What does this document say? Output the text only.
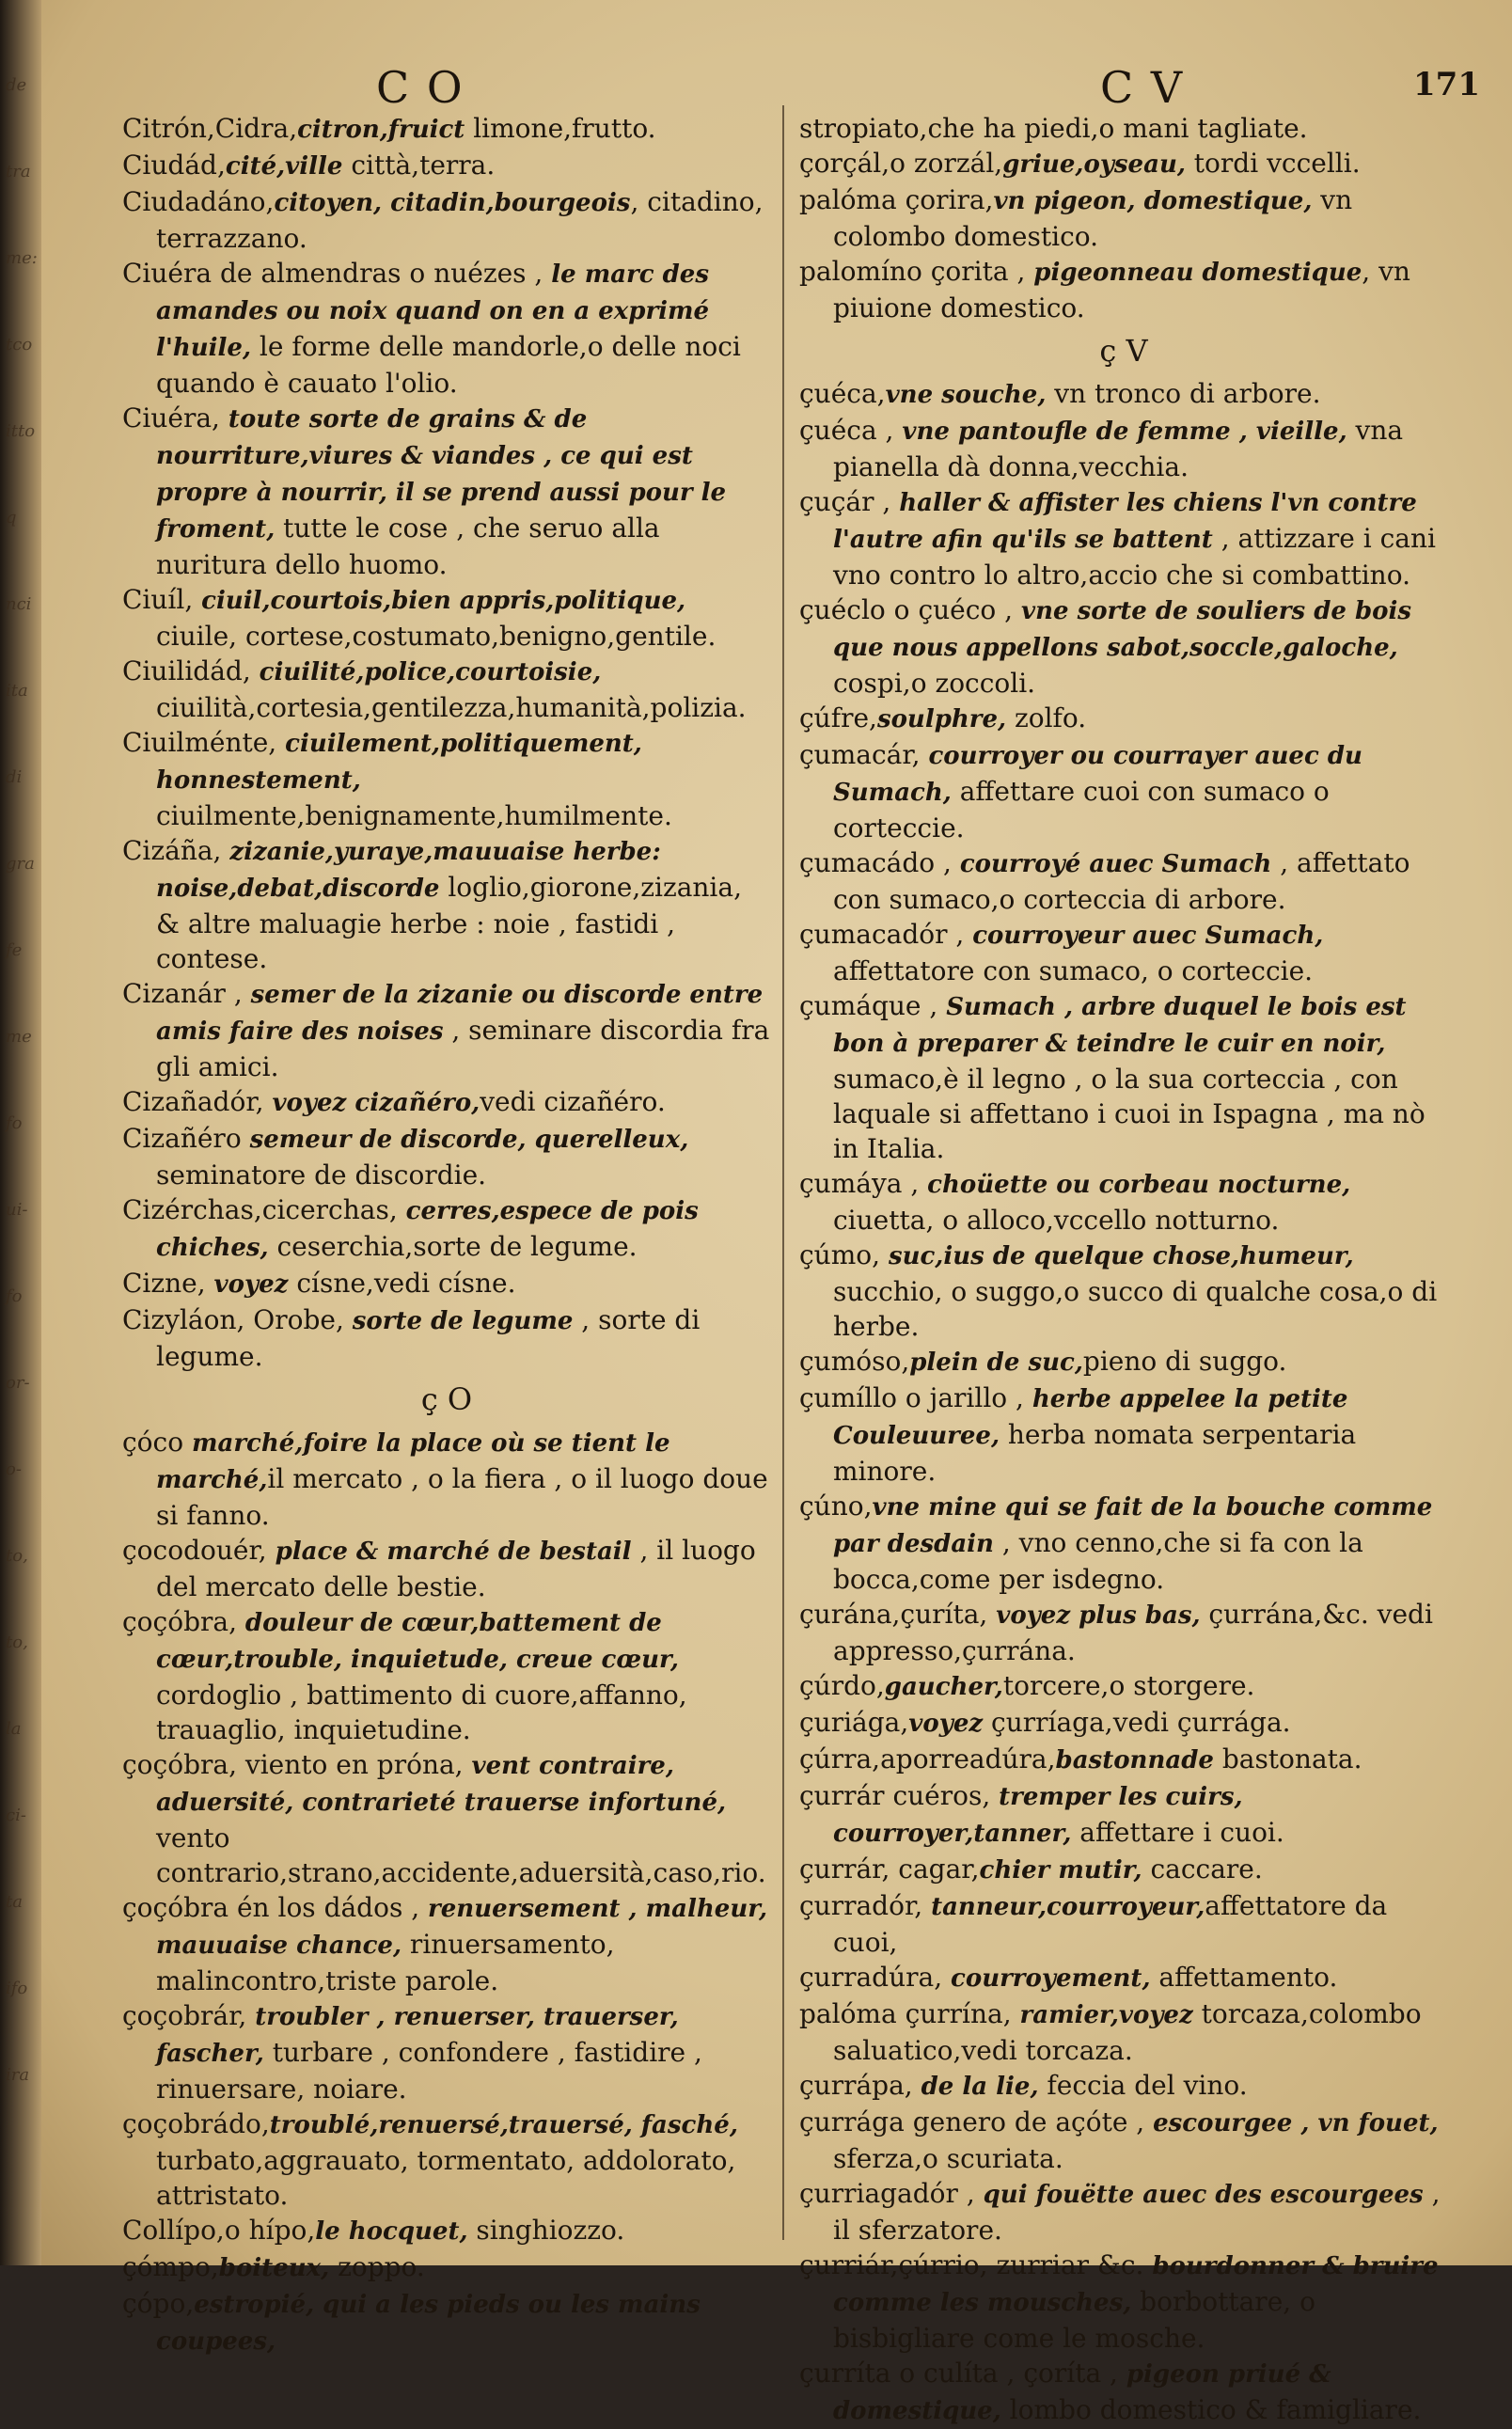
de
tra
me:
tco
itto
q
nci
ita
di
gra
fe
me
fo
ui-
fo
or-
o-
to,
to,
la
ci-
ta
ifo
ira
C O	C V	171

Citrón,Cidra,citron,fruict limone,frutto.

Ciudád,cité,ville città,terra.

Ciudadáno,citoyen, citadin,bourgeois, citadino, terrazzano.

Ciuéra de almendras o nuézes , le marc des amandes ou noix quand on en a exprimé l'huile, le forme delle mandorle,o delle noci quando è cauato l'olio.

Ciuéra, toute sorte de grains & de nourriture,viures & viandes , ce qui est propre à nourrir, il se prend aussi pour le froment, tutte le cose , che seruo alla nuritura dello huomo.

Ciuíl, ciuil,courtois,bien appris,politique, ciuile, cortese,costumato,benigno,gentile.

Ciuilidád, ciuilité,police,courtoisie, ciuilità,cortesia,gentilezza,humanità,polizia.

Ciuilménte, ciuilement,politiquement, honnestement, ciuilmente,benignamente,humilmente.

Cizáña, zizanie,yuraye,mauuaise herbe: noise,debat,discorde loglio,giorone,zizania, & altre maluagie herbe : noie , fastidi , contese.

Cizanár , semer de la zizanie ou discorde entre amis faire des noises , seminare discordia fra gli amici.

Cizañadór, voyez cizañéro,vedi cizañéro.

Cizañéro semeur de discorde, querelleux, seminatore de discordie.

Cizérchas,cicerchas, cerres,espece de pois chiches, ceserchia,sorte de legume.

Cizne, voyez císne,vedi císne.

Cizyláon, Orobe, sorte de legume , sorte di legume.

ç O

çóco marché,foire la place où se tient le marché,il mercato , o la fiera , o il luogo doue si fanno.

çocodouér, place & marché de bestail , il luogo del mercato delle bestie.

çoçóbra, douleur de cœur,battement de cœur,trouble, inquietude, creue cœur, cordoglio , battimento di cuore,affanno, trauaglio, inquietudine.

çoçóbra, viento en próna, vent contraire, aduersité, contrarieté trauerse infortuné, vento contrario,strano,accidente,aduersità,caso,rio.

çoçóbra én los dádos , renuersement , malheur, mauuaise chance, rinuersamento, malincontro,triste parole.

çoçobrár, troubler , renuerser, trauerser, fascher, turbare , confondere , fastidire , rinuersare, noiare.

çoçobrádo,troublé,renuersé,trauersé, fasché, turbato,aggrauato, tormentato, addolorato, attristato.

Collípo,o hípo,le hocquet, singhiozzo.

çómpo,boiteux, zoppo.

çópo,estropié, qui a les pieds ou les mains coupees,

stropiato,che ha piedi,o mani tagliate.

çorçál,o zorzál,griue,oyseau, tordi vccelli.

palóma çorira,vn pigeon, domestique, vn colombo domestico.

palomíno çorita , pigeonneau domestique, vn piuione domestico.

ç V

çuéca,vne souche, vn tronco di arbore.

çuéca , vne pantoufle de femme , vieille, vna pianella dà donna,vecchia.

çuçár , haller & affister les chiens l'vn contre l'autre afin qu'ils se battent , attizzare i cani vno contro lo altro,accio che si combattino.

çuéclo o çuéco , vne sorte de souliers de bois que nous appellons sabot,soccle,galoche, cospi,o zoccoli.

çúfre,soulphre, zolfo.

çumacár, courroyer ou courrayer auec du Sumach, affettare cuoi con sumaco o corteccie.

çumacádo , courroyé auec Sumach , affettato con sumaco,o corteccia di arbore.

çumacadór , courroyeur auec Sumach, affettatore con sumaco, o corteccie.

çumáque , Sumach , arbre duquel le bois est bon à preparer & teindre le cuir en noir, sumaco,è il legno , o la sua corteccia , con laquale si affettano i cuoi in Ispagna , ma nò in Italia.

çumáya , choüette ou corbeau nocturne, ciuetta, o alloco,vccello notturno.

çúmo, suc,ius de quelque chose,humeur, succhio, o suggo,o succo di qualche cosa,o di herbe.

çumóso,plein de suc,pieno di suggo.

çumíllo o jarillo , herbe appelee la petite Couleuuree, herba nomata serpentaria minore.

çúno,vne mine qui se fait de la bouche comme par desdain , vno cenno,che si fa con la bocca,come per isdegno.

çurána,çuríta, voyez plus bas, çurrána,&c. vedi appresso,çurrána.

çúrdo,gaucher,torcere,o storgere.

çuriága,voyez çurríaga,vedi çurrága.

çúrra,aporreadúra,bastonnade bastonata.

çurrár cuéros, tremper les cuirs, courroyer,tanner, affettare i cuoi.

çurrár, cagar,chier mutir, caccare.

çurradór, tanneur,courroyeur,affettatore da cuoi,

çurradúra, courroyement, affettamento.

palóma çurrína, ramier,voyez torcaza,colombo saluatico,vedi torcaza.

çurrápa, de la lie, feccia del vino.

çurrága genero de açóte , escourgee , vn fouet, sferza,o scuriata.

çurriagadór , qui fouëtte auec des escourgees , il sferzatore.

çurriár,çúrrio, zurriar &c. bourdonner & bruire comme les mousches, borbottare, o bisbigliare come le mosche.

çurríta o culíta , çoríta , pigeon priué & domestique, lombo domestico & famigliare.
